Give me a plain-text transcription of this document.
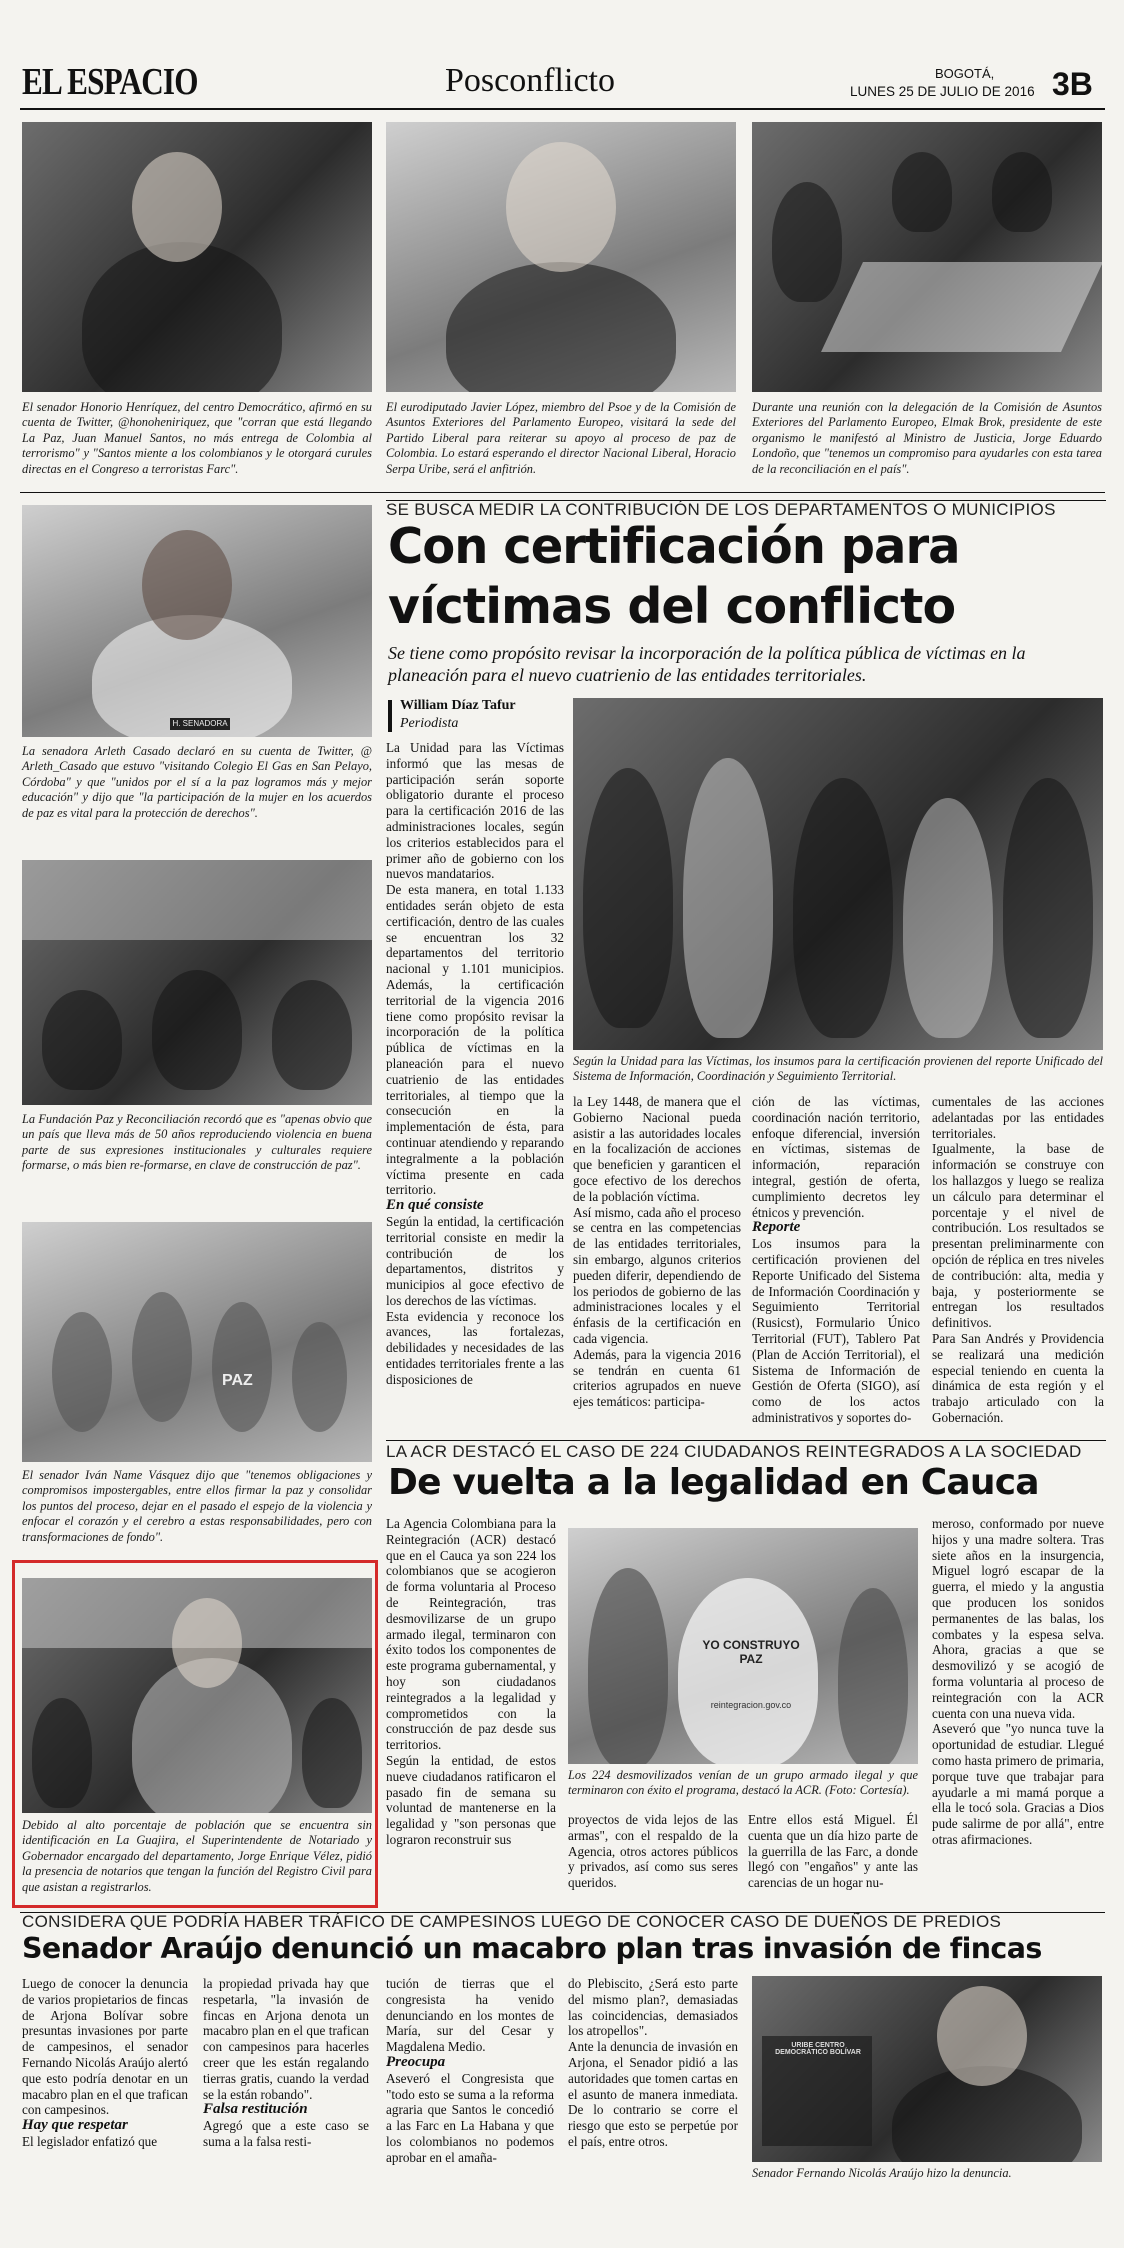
EL ESPACIO	Posconflicto	BOGOTÁ,
LUNES 25 DE JULIO DE 2016 3B
El senador Honorio Henríquez, del centro Democrático, afirmó en su cuenta de Twitter, @honoheniriquez, que "corran que está llegando La Paz, Juan Manuel Santos, no más entrega de Colombia al terrorismo" y "Santos miente a los colombianos y le otorgará curules directas en el Congreso a terroristas Farc".
El eurodiputado Javier López, miembro del Psoe y de la Comisión de Asuntos Exteriores del Parlamento Europeo, visitará la sede del Partido Liberal para reiterar su apoyo al proceso de paz de Colombia. Lo estará esperando el director Nacional Liberal, Horacio Serpa Uribe, será el anfitrión.
Durante una reunión con la delegación de la Comisión de Asuntos Exteriores del Parlamento Europeo, Elmak Brok, presidente de este organismo le manifestó al Ministro de Justicia, Jorge Eduardo Londoño, que "tenemos un compromiso para ayudarles con esta tarea de la reconciliación en el país".
H. SENADORA
La senadora Arleth Casado declaró en su cuenta de Twitter, @ Arleth_Casado que estuvo "visitando Colegio El Gas en San Pelayo, Córdoba" y que "unidos por el sí a la paz logramos más y mejor educación" y dijo que "la participación de la mujer en los acuerdos de paz es vital para la protección de derechos".
La Fundación Paz y Reconciliación recordó que es "apenas obvio que un país que lleva más de 50 años reproduciendo violencia en buena parte de sus expresiones institucionales y culturales requiere formarse, o más bien re-formarse, en clave de construcción de paz".
PAZ
El senador Iván Name Vásquez dijo que "tenemos obligaciones y compromisos impostergables, entre ellos firmar la paz y consolidar los puntos del proceso, dejar en el pasado el espejo de la violencia y enfocar el corazón y el cerebro a estas responsabilidades, pero con transformaciones de fondo".
Debido al alto porcentaje de población que se encuentra sin identificación en La Guajira, el Superintendente de Notariado y Gobernador encargado del departamento, Jorge Enrique Vélez, pidió la presencia de notarios que tengan la función del Registro Civil para que asistan a registrarlos.
SE BUSCA MEDIR LA CONTRIBUCIÓN DE LOS DEPARTAMENTOS O MUNICIPIOS
Con certificación para
víctimas del conflicto
Se tiene como propósito revisar la incorporación de la política pública de víctimas en la planeación para el nuevo cuatrienio de las entidades territoriales.
William Díaz Tafur
Periodista

La Unidad para las Víctimas informó que las mesas de participación serán soporte obligatorio durante el proceso para la certificación 2016 de las administraciones locales, según los criterios establecidos para el primer año de gobierno con los nuevos mandatarios.

De esta manera, en total 1.133 entidades serán objeto de esta certificación, dentro de las cuales se encuentran los 32 departamentos del territorio nacional y 1.101 municipios. Además, la certificación territorial de la vigencia 2016 tiene como propósito revisar la incorporación de la política pública de víctimas en la planeación para el nuevo cuatrienio de las entidades territoriales, al tiempo que la consecución en la implementación de ésta, para continuar atendiendo y reparando integralmente a la población víctima presente en cada territorio.

En qué consiste

Según la entidad, la certificación territorial consiste en medir la contribución de los departamentos, distritos y municipios al goce efectivo de los derechos de las víctimas.

Esta evidencia y reconoce los avances, las fortalezas, debilidades y necesidades de las entidades territoriales frente a las disposiciones de

Según la Unidad para las Víctimas, los insumos para la certificación provienen del reporte Unificado del Sistema de Información, Coordinación y Seguimiento Territorial.

la Ley 1448, de manera que el Gobierno Nacional pueda asistir a las autoridades locales en la focalización de acciones que beneficien y garanticen el goce efectivo de los derechos de la población víctima.

Así mismo, cada año el proceso se centra en las competencias de las entidades territoriales, sin embargo, algunos criterios pueden diferir, dependiendo de los periodos de gobierno de las administraciones locales y el énfasis de la certificación en cada vigencia.

Además, para la vigencia 2016 se tendrán en cuenta 61 criterios agrupados en nueve ejes temáticos: participa-

ción de las víctimas, coordinación nación territorio, enfoque diferencial, inversión en víctimas, sistemas de información, reparación integral, gestión de oferta, cumplimiento decretos ley étnicos y prevención.

Reporte

Los insumos para la certificación provienen del Reporte Unificado del Sistema de Información Coordinación y Seguimiento Territorial (Rusicst), Formulario Único Territorial (FUT), Tablero Pat (Plan de Acción Territorial), el Sistema de Información de Gestión de Oferta (SIGO), así como de los actos administrativos y soportes do-

cumentales de las acciones adelantadas por las entidades territoriales.

Igualmente, la base de información se construye con los hallazgos y luego se realiza un cálculo para determinar el porcentaje y el nivel de contribución. Los resultados se presentan preliminarmente con opción de réplica en tres niveles de contribución: alta, media y baja, y posteriormente se entregan los resultados definitivos.

Para San Andrés y Providencia se realizará una medición especial teniendo en cuenta la dinámica de esta región y el trabajo articulado con la Gobernación.

LA ACR DESTACÓ EL CASO DE 224 CIUDADANOS REINTEGRADOS A LA SOCIEDAD
De vuelta a la legalidad en Cauca

La Agencia Colombiana para la Reintegración (ACR) destacó que en el Cauca ya son 224 los colombianos que se acogieron de forma voluntaria al Proceso de Reintegración, tras desmovilizarse de un grupo armado ilegal, terminaron con éxito todos los componentes de este programa gubernamental, y hoy son ciudadanos reintegrados a la legalidad y comprometidos con la construcción de paz desde sus territorios.

Según la entidad, de estos nueve ciudadanos ratificaron el pasado fin de semana su voluntad de mantenerse en la legalidad y "son personas que lograron reconstruir sus

YO CONSTRUYO PAZ
reintegracion.gov.co
Los 224 desmovilizados venían de un grupo armado ilegal y que terminaron con éxito el programa, destacó la ACR. (Foto: Cortesía).

proyectos de vida lejos de las armas", con el respaldo de la Agencia, otros actores públicos y privados, así como sus seres queridos.

Entre ellos está Miguel. Él cuenta que un día hizo parte de la guerrilla de las Farc, a donde llegó con "engaños" y ante las carencias de un hogar nu-

meroso, conformado por nueve hijos y una madre soltera. Tras siete años en la insurgencia, Miguel logró escapar de la guerra, el miedo y la angustia que producen los sonidos permanentes de las balas, los combates y la espesa selva. Ahora, gracias a que se desmovilizó y se acogió de forma voluntaria al proceso de reintegración con la ACR cuenta con una nueva vida.

Aseveró que "yo nunca tuve la oportunidad de estudiar. Llegué como hasta primero de primaria, porque tuve que trabajar para ayudarle a mi mamá porque a ella le tocó sola. Gracias a Dios pude salirme de por allá", entre otras afirmaciones.

CONSIDERA QUE PODRÍA HABER TRÁFICO DE CAMPESINOS LUEGO DE CONOCER CASO DE DUEÑOS DE PREDIOS
Senador Araújo denunció un macabro plan tras invasión de fincas

Luego de conocer la denuncia de varios propietarios de fincas de Arjona Bolívar sobre presuntas invasiones por parte de campesinos, el senador Fernando Nicolás Araújo alertó que esto podría denotar en un macabro plan en el que trafican con campesinos.

Hay que respetar

El legislador enfatizó que

la propiedad privada hay que respetarla, "la invasión de fincas en Arjona denota un macabro plan en el que trafican con campesinos para hacerles creer que les están regalando tierras gratis, cuando la verdad se la están robando".

Falsa restitución

Agregó que a este caso se suma a la falsa resti-

tución de tierras que el congresista ha venido denunciando en los montes de María, sur del Cesar y Magdalena Medio.

Preocupa

Aseveró el Congresista que "todo esto se suma a la reforma agraria que Santos le concedió a las Farc en La Habana y que los colombianos no podemos aprobar en el amaña-

do Plebiscito, ¿Será esto parte del mismo plan?, demasiadas las coincidencias, demasiados los atropellos".

Ante la denuncia de invasión en Arjona, el Senador pidió a las autoridades que tomen cartas en el asunto de manera inmediata. De lo contrario se corre el riesgo que esto se perpetúe por el país, entre otros.

URIBE CENTRO DEMOCRÁTICO BOLÍVAR
Senador Fernando Nicolás Araújo hizo la denuncia.
